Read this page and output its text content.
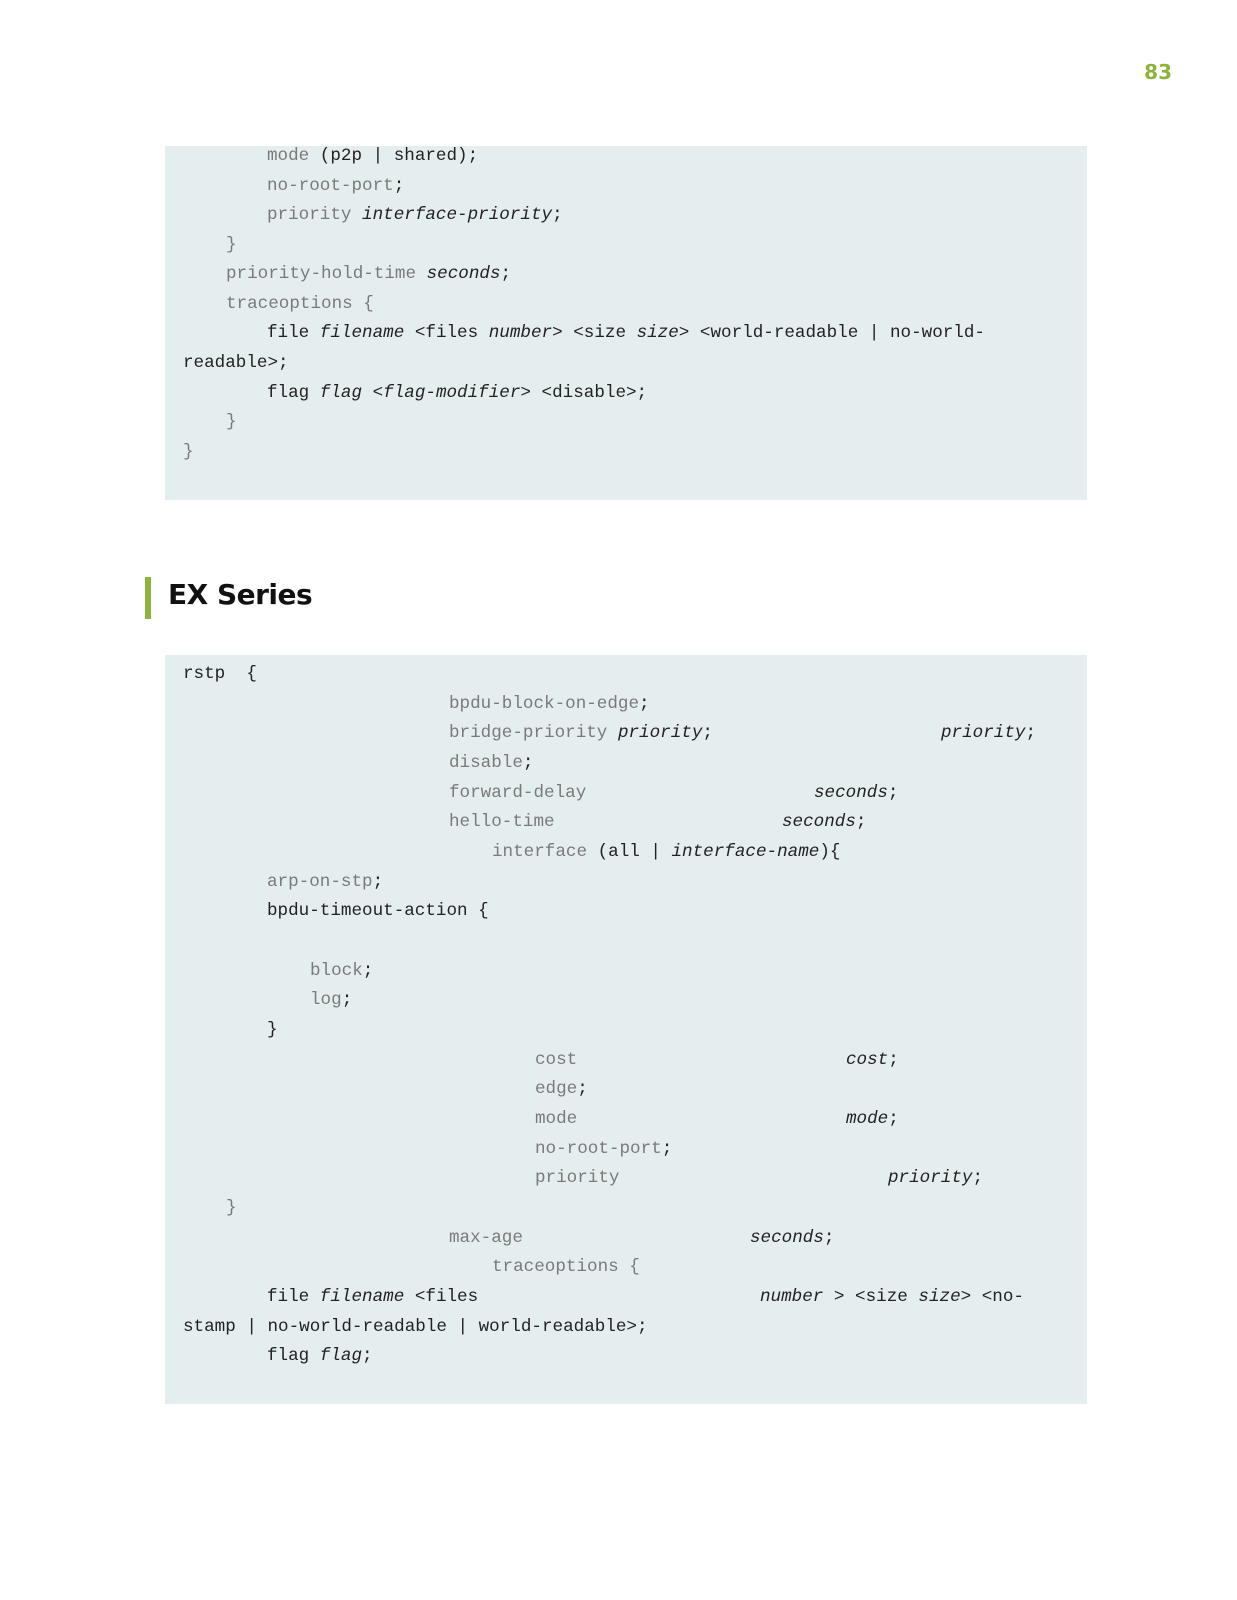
83
mode (p2p | shared);
no-root-port ;
priority interface-priority ;
}
priority-hold-time seconds ;
traceoptions {
file filename <files number > <size size > <world-readable | no-world-
readable>;
flag flag < flag-modifier > <disable>;
}
}
EX Series
rstp  {
bpdu-block-on-edge ;
bridge-priority priority ;	priority ;
disable ;
forward-delay	seconds ;
hello-time	seconds ;
interface (all | interface-name ){
arp-on-stp ;
bpdu-timeout-action {
block ;
log ;
}
cost	cost ;
edge ;
mode	mode ;
no-root-port ;
priority	priority ;
}
max-age	seconds ;
traceoptions {
file filename <files	number > <size size > <no-
stamp | no-world-readable | world-readable>;
flag flag ;
